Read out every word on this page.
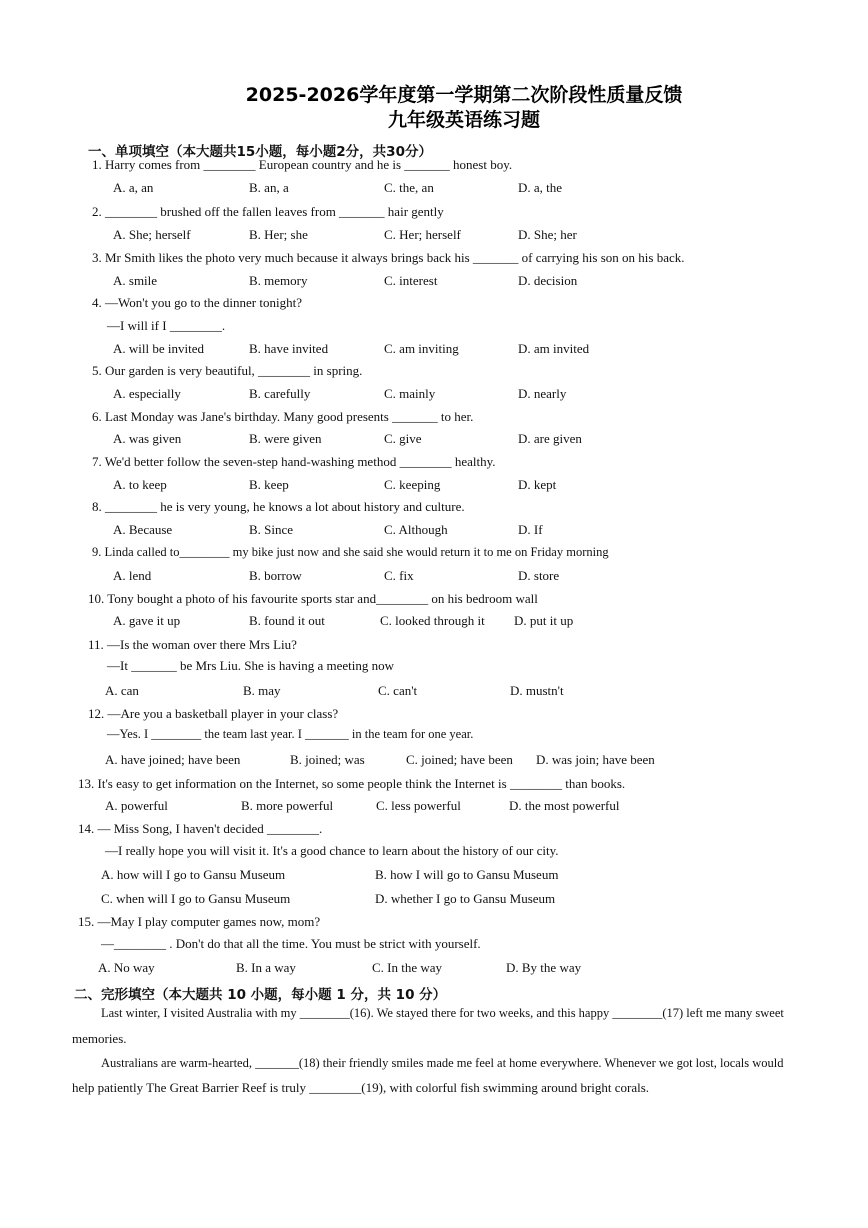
2025-2026学年度第一学期第二次阶段性质量反馈
九年级英语练习题
一、单项填空（本大题共15小题，每小题2分，共30分）
1. Harry comes from ________ European country and he is _______ honest boy.
A. a, an	B. an, a	C. the, an	D. a, the
2. ________ brushed off the fallen leaves from _______ hair gently
A. She; herself	B. Her; she	C. Her; herself	D. She; her
3. Mr Smith likes the photo very much because it always brings back his _______ of carrying his son on his back.
A. smile	B. memory	C. interest	D. decision
4. —Won't you go to the dinner tonight?
—I will if I ________.
A. will be invited	B. have invited	C. am inviting	D. am invited
5. Our garden is very beautiful, ________ in spring.
A. especially	B. carefully	C. mainly	D. nearly
6. Last Monday was Jane's birthday. Many good presents _______ to her.
A. was given	B. were given	C. give	D. are given
7. We'd better follow the seven-step hand-washing method ________ healthy.
A. to keep	B. keep	C. keeping	D. kept
8. ________ he is very young, he knows a lot about history and culture.
A. Because	B. Since	C. Although	D. If
9. Linda called to________ my bike just now and she said she would return it to me on Friday morning
A. lend	B. borrow	C. fix	D. store
10. Tony bought a photo of his favourite sports star and________ on his bedroom wall
A. gave it up	B. found it out	C. looked through it D. put it up
11. —Is the woman over there Mrs Liu?
—It _______ be Mrs Liu. She is having a meeting now
A. can	B. may	C. can't	D. mustn't
12. —Are you a basketball player in your class?
—Yes. I ________ the team last year. I _______ in the team for one year.
A. have joined; have been	B. joined; was	C. joined; have been D. was join; have been
13. It's easy to get information on the Internet, so some people think the Internet is ________ than books.
A. powerful	B. more powerful	C. less powerful	D. the most powerful
14. — Miss Song, I haven't decided ________.
—I really hope you will visit it. It's a good chance to learn about the history of our city.
A. how will I go to Gansu Museum	B. how I will go to Gansu Museum
C. when will I go to Gansu Museum	D. whether I go to Gansu Museum
15. —May I play computer games now, mom?
—________ . Don't do that all the time. You must be strict with yourself.
A. No way	B. In a way	C. In the way	D. By the way
二、完形填空（本大题共 10 小题，每小题 1 分，共 10 分）
Last winter, I visited Australia with my ________(16). We stayed there for two weeks, and this happy ________(17) left me many sweet
memories.
Australians are warm-hearted, _______(18) their friendly smiles made me feel at home everywhere. Whenever we got lost, locals would
help patiently The Great Barrier Reef is truly ________(19), with colorful fish swimming around bright corals.
